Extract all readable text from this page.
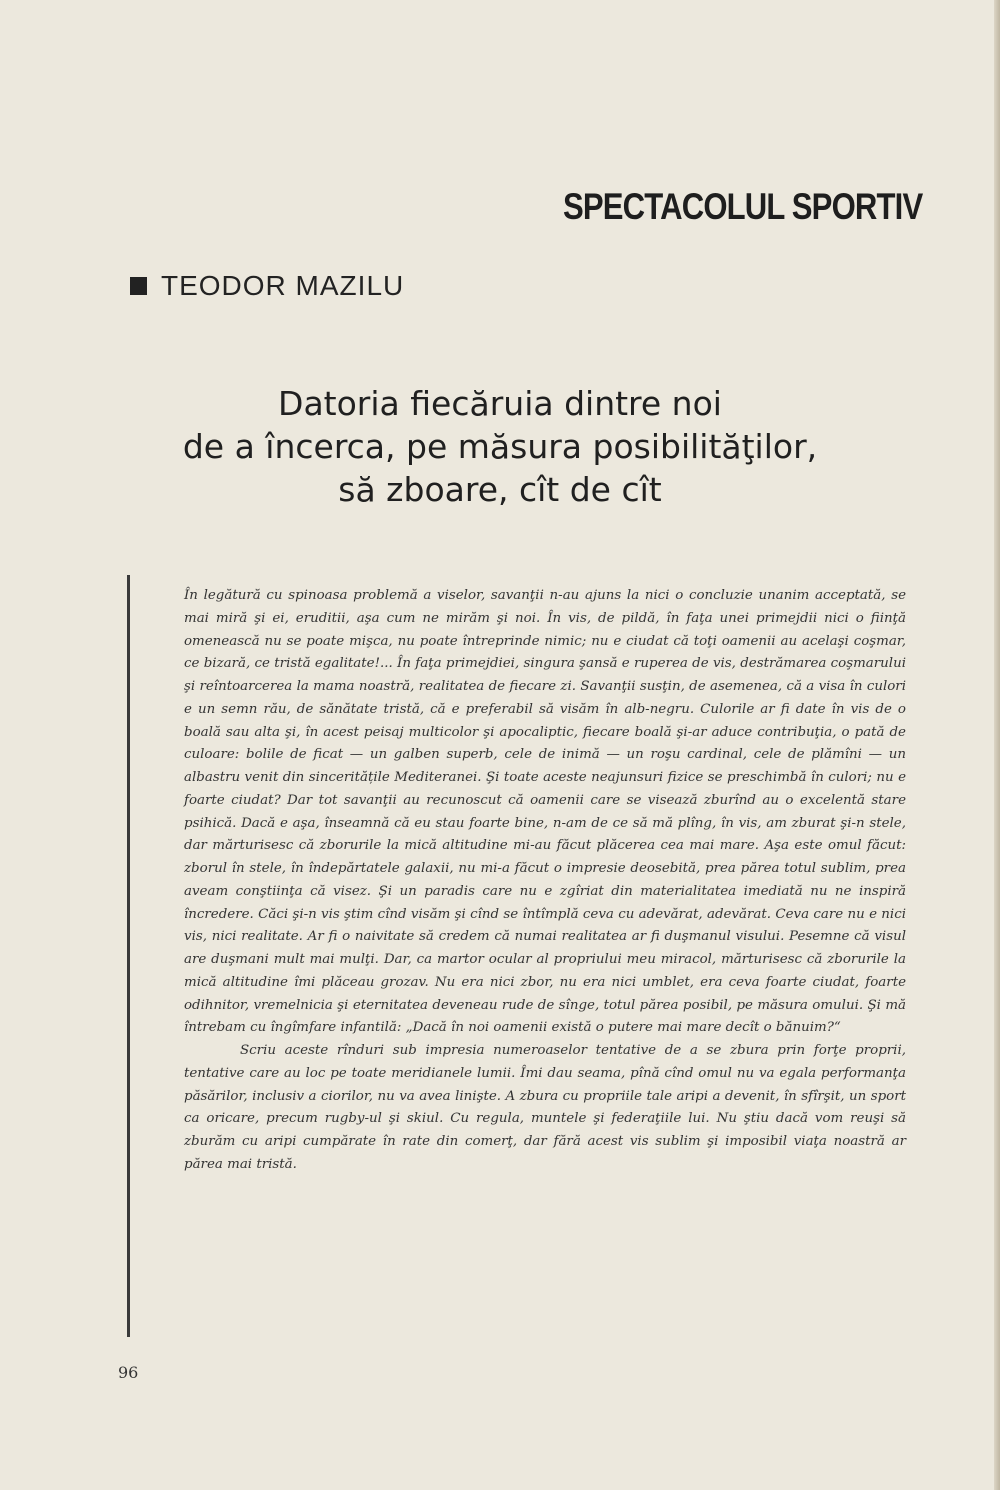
SPECTACOLUL SPORTIV
TEODOR MAZILU
Datoria fiecăruia dintre noi
de a încerca, pe măsura posibilităţilor,
să zboare, cît de cît

În legătură cu spinoasa problemă a viselor, savanţii n-au ajuns la nici o concluzie unanim acceptată, se mai miră şi ei, eruditii, aşa cum ne mirăm şi noi. În vis, de pildă, în faţa unei primejdii nici o fiinţă omenească nu se poate mişca, nu poate întreprinde nimic; nu e ciudat că toţi oamenii au acelaşi coşmar, ce bizară, ce tristă egalitate!... În faţa primejdiei, singura şansă e ruperea de vis, destrămarea coşmarului şi reîntoarcerea la mama noastră, realitatea de fiecare zi. Savanţii susţin, de asemenea, că a visa în culori e un semn rău, de sănătate tristă, că e preferabil să visăm în alb-negru. Culorile ar fi date în vis de o boală sau alta şi, în acest peisaj multicolor şi apocaliptic, fiecare boală şi-ar aduce contribuţia, o pată de culoare: bolile de ficat — un galben superb, cele de inimă — un roşu cardinal, cele de plămîni — un albastru venit din sinceritățile Mediteranei. Şi toate aceste neajunsuri fizice se preschimbă în culori; nu e foarte ciudat? Dar tot savanţii au recunoscut că oamenii care se visează zburînd au o excelentă stare psihică. Dacă e aşa, înseamnă că eu stau foarte bine, n-am de ce să mă plîng, în vis, am zburat şi-n stele, dar mărturisesc că zborurile la mică altitudine mi-au făcut plăcerea cea mai mare. Aşa este omul făcut: zborul în stele, în îndepărtatele galaxii, nu mi-a făcut o impresie deosebită, prea părea totul sublim, prea aveam conştiinţa că visez. Şi un paradis care nu e zgîriat din materialitatea imediată nu ne inspiră încredere. Căci şi-n vis ştim cînd visăm şi cînd se întîmplă ceva cu adevărat, adevărat. Ceva care nu e nici vis, nici realitate. Ar fi o naivitate să credem că numai realitatea ar fi duşmanul visului. Pesemne că visul are duşmani mult mai mulţi. Dar, ca martor ocular al propriului meu miracol, mărturisesc că zborurile la mică altitudine îmi plăceau grozav. Nu era nici zbor, nu era nici umblet, era ceva foarte ciudat, foarte odihnitor, vremelnicia şi eternitatea deveneau rude de sînge, totul părea posibil, pe măsura omului. Şi mă întrebam cu îngîmfare infantilă: „Dacă în noi oamenii există o putere mai mare decît o bănuim?“

Scriu aceste rînduri sub impresia numeroaselor tentative de a se zbura prin forţe proprii, tentative care au loc pe toate meridianele lumii. Îmi dau seama, pînă cînd omul nu va egala performanţa păsărilor, inclusiv a ciorilor, nu va avea linişte. A zbura cu propriile tale aripi a devenit, în sfîrşit, un sport ca oricare, precum rugby-ul şi skiul. Cu regula, muntele şi federaţiile lui. Nu ştiu dacă vom reuşi să zburăm cu aripi cumpărate în rate din comerţ, dar fără acest vis sublim şi imposibil viaţa noastră ar părea mai tristă.

96
